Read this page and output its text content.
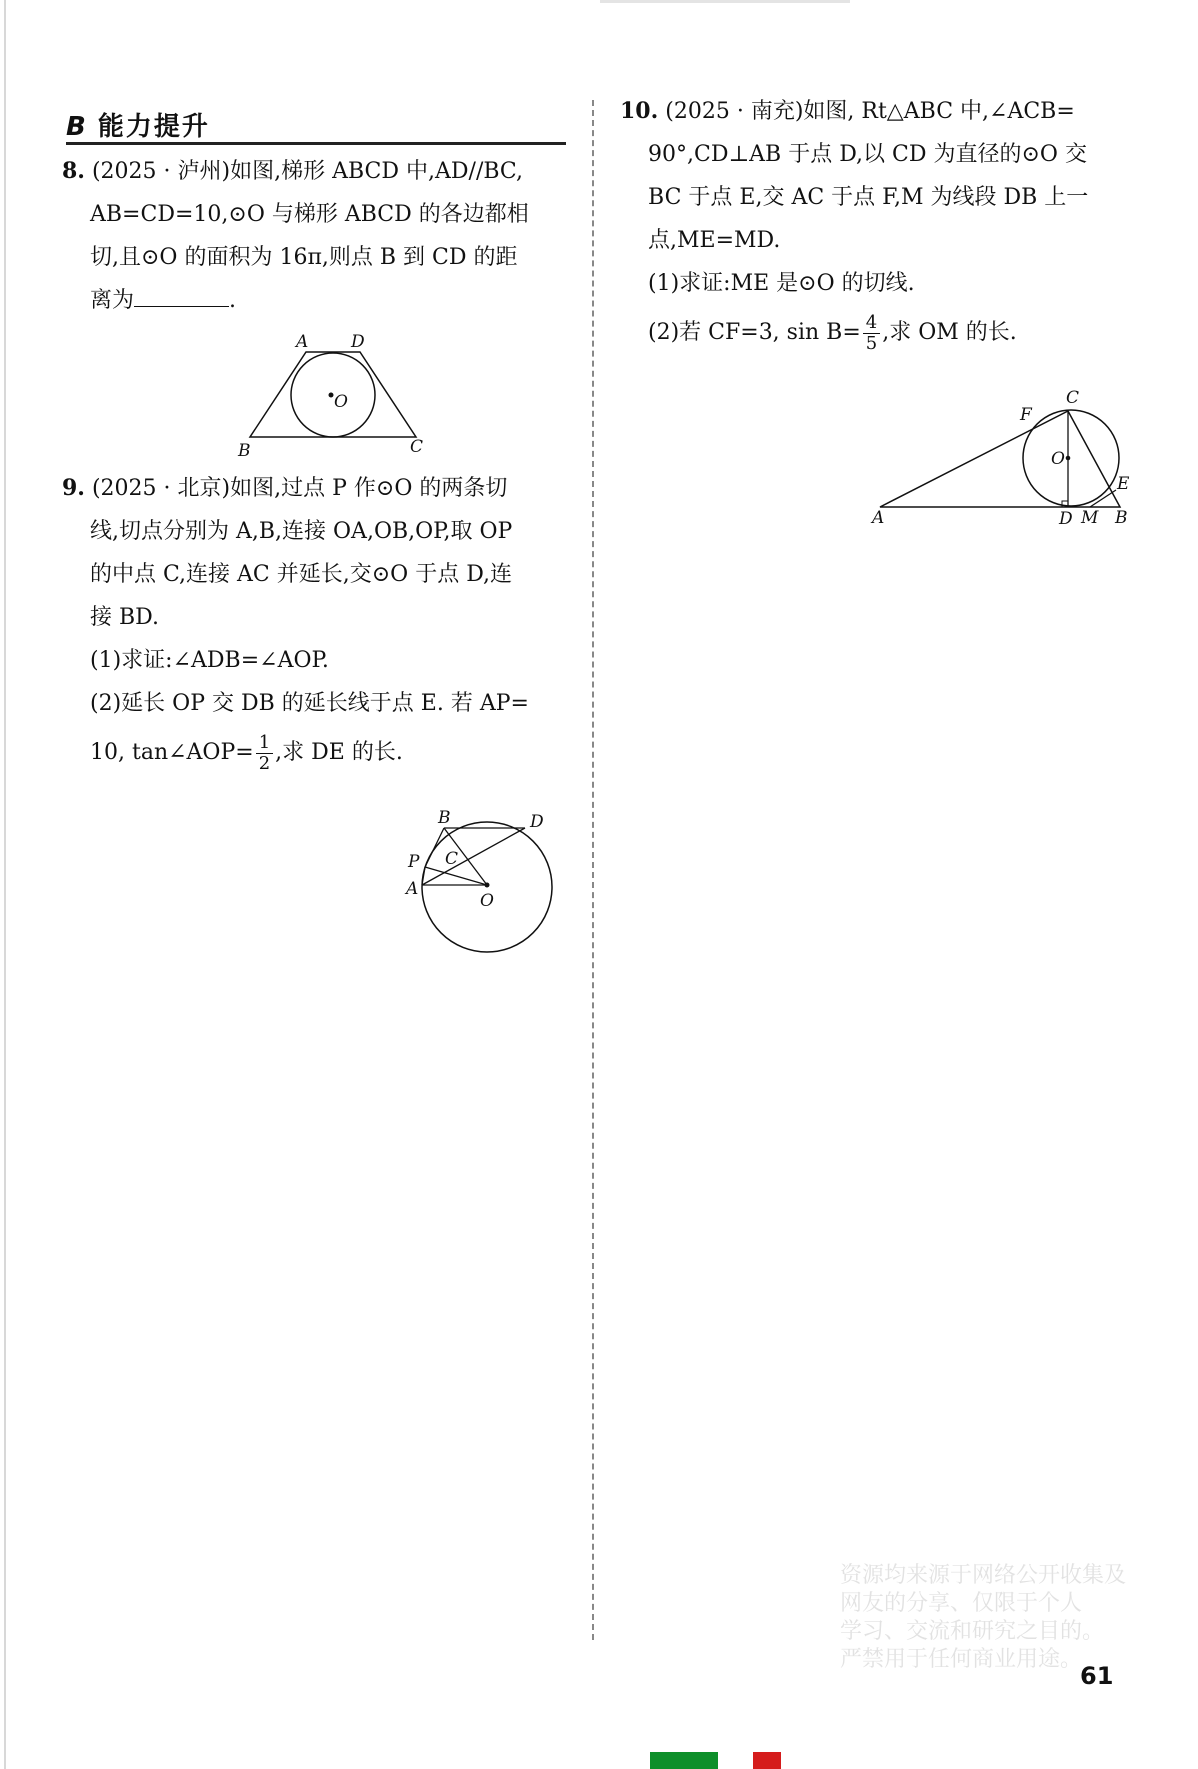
B 能力提升

8. (2025 · 泸州)如图,梯形 ABCD 中,AD//BC,

AB=CD=10,⊙O 与梯形 ABCD 的各边都相

切,且⊙O 的面积为 16π,则点 B 到 CD 的距

离为	.

A	D
O
B	C

9. (2025 · 北京)如图,过点 P 作⊙O 的两条切

线,切点分别为 A,B,连接 OA,OB,OP,取 OP

的中点 C,连接 AC 并延长,交⊙O 于点 D,连

接 BD.

(1)求证:∠ADB=∠AOP.

(2)延长 OP 交 DB 的延长线于点 E. 若 AP=

10, tan∠AOP= $\frac{1}{2}$ ,求 DE 的长.

B	D
P C
A
O

10. (2025 · 南充)如图, Rt△ABC 中,∠ACB=

90°,CD⊥AB 于点 D,以 CD 为直径的⊙O 交

BC 于点 E,交 AC 于点 F,M 为线段 DB 上一

点,ME=MD.

(1)求证:ME 是⊙O 的切线.

(2)若 CF=3, $\sin B= \frac{4}{5}$ ,求 OM 的长.

C
F
O
E
A	D M B
资源均来源于网络公开收集及
网友的分享、仅限于个人
学习、交流和研究之目的。
严禁用于任何商业用途。
61
